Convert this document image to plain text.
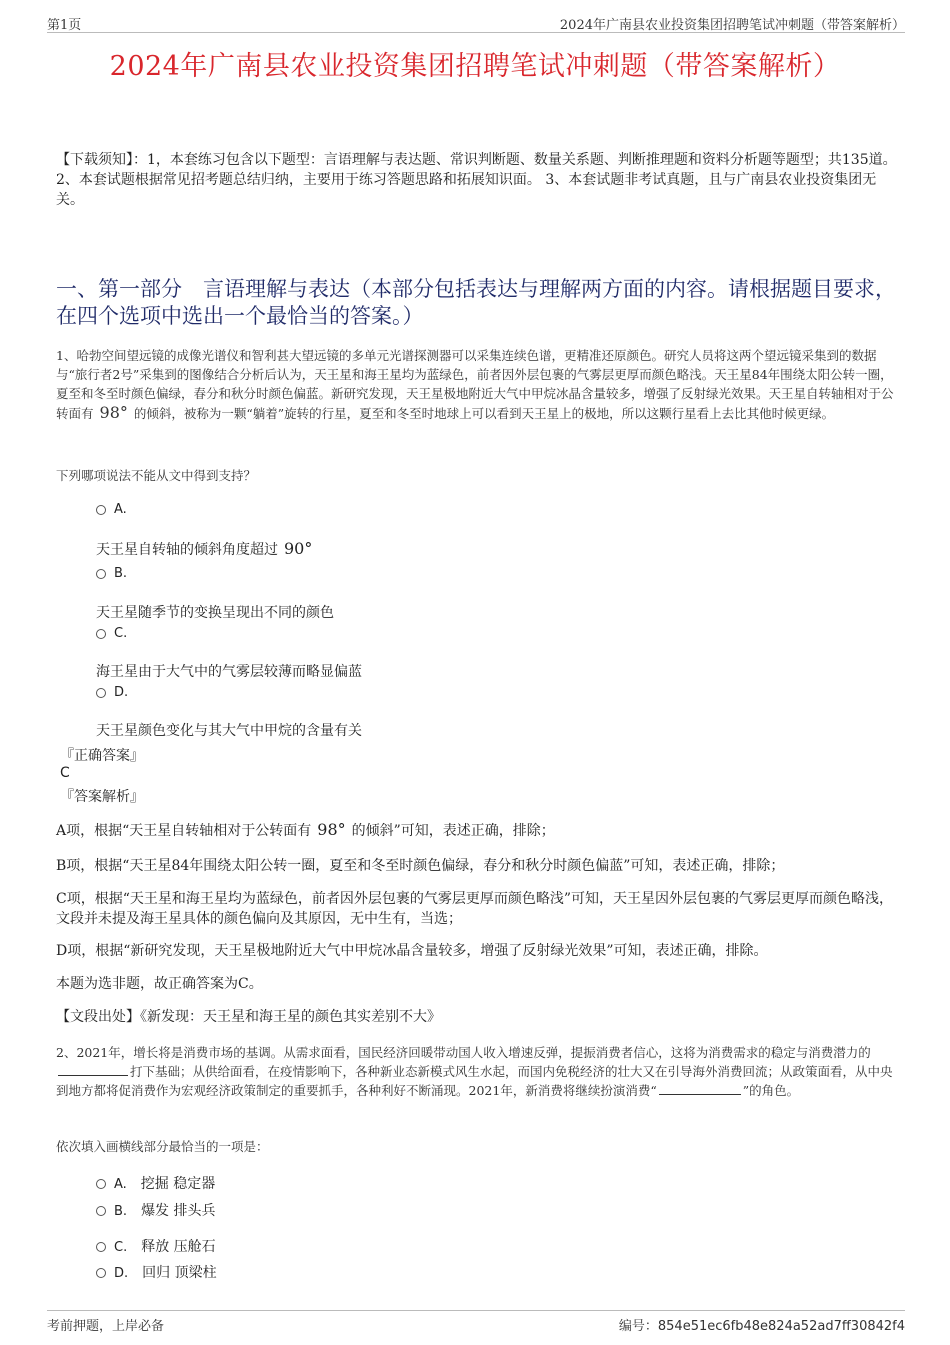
第1页	2024年广南县农业投资集团招聘笔试冲刺题（带答案解析）
2024年广南县农业投资集团招聘笔试冲刺题（带答案解析）
【下载须知】：1，本套练习包含以下题型：言语理解与表达题、常识判断题、数量关系题、判断推理题和资料分析题等题型；共135道。 2、本套试题根据常见招考题总结归纳，主要用于练习答题思路和拓展知识面。 3、本套试题非考试真题，且与广南县农业投资集团无关。
一、第一部分　言语理解与表达（本部分包括表达与理解两方面的内容。请根据题目要求，在四个选项中选出一个最恰当的答案。）
1、哈勃空间望远镜的成像光谱仪和智利甚大望远镜的多单元光谱探测器可以采集连续色谱，更精准还原颜色。研究人员将这两个望远镜采集到的数据与“旅行者2号”采集到的图像结合分析后认为，天王星和海王星均为蓝绿色，前者因外层包裹的气雾层更厚而颜色略浅。天王星84年围绕太阳公转一圈，夏至和冬至时颜色偏绿，春分和秋分时颜色偏蓝。新研究发现，天王星极地附近大气中甲烷冰晶含量较多，增强了反射绿光效果。天王星自转轴相对于公转面有 98° 的倾斜，被称为一颗“躺着”旋转的行星，夏至和冬至时地球上可以看到天王星上的极地，所以这颗行星看上去比其他时候更绿。
下列哪项说法不能从文中得到支持？
A.
天王星自转轴的倾斜角度超过 90°
B.
天王星随季节的变换呈现出不同的颜色
C.
海王星由于大气中的气雾层较薄而略显偏蓝
D.
天王星颜色变化与其大气中甲烷的含量有关
『正确答案』
C
『答案解析』
A项，根据“天王星自转轴相对于公转面有 98° 的倾斜”可知，表述正确，排除；
B项，根据“天王星84年围绕太阳公转一圈，夏至和冬至时颜色偏绿，春分和秋分时颜色偏蓝”可知，表述正确，排除；
C项，根据“天王星和海王星均为蓝绿色，前者因外层包裹的气雾层更厚而颜色略浅”可知，天王星因外层包裹的气雾层更厚而颜色略浅，文段并未提及海王星具体的颜色偏向及其原因，无中生有，当选；
D项，根据“新研究发现，天王星极地附近大气中甲烷冰晶含量较多，增强了反射绿光效果”可知，表述正确，排除。
本题为选非题，故正确答案为C。
【文段出处】《新发现：天王星和海王星的颜色其实差别不大》
2、2021年，增长将是消费市场的基调。从需求面看，国民经济回暖带动国人收入增速反弹，提振消费者信心，这将为消费需求的稳定与消费潜力的打下基础；从供给面看，在疫情影响下，各种新业态新模式风生水起，而国内免税经济的壮大又在引导海外消费回流；从政策面看，从中央到地方都将促消费作为宏观经济政策制定的重要抓手，各种利好不断涌现。2021年，新消费将继续扮演消费“	”的角色。
依次填入画横线部分最恰当的一项是：
A.　 挖掘 稳定器
B.　 爆发 排头兵
C.　 释放 压舱石
D.　 回归 顶梁柱
考前押题，上岸必备	编号：854e51ec6fb48e824a52ad7ff30842f4
